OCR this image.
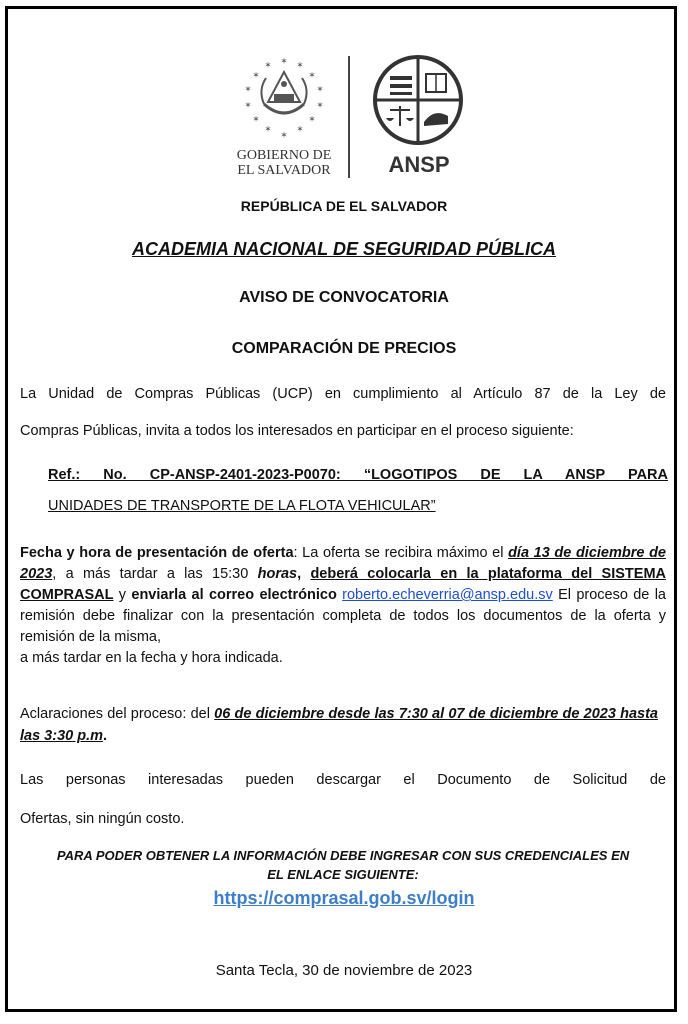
✶
✶	✶
✶	✶
✶	✶
✶	✶
✶	✶
✶	✶
✶
GOBIERNO DE
EL SALVADOR	ANSP
REPÚBLICA DE EL SALVADOR
ACADEMIA NACIONAL DE SEGURIDAD PÚBLICA
AVISO DE CONVOCATORIA
COMPARACIÓN DE PRECIOS
La Unidad de Compras Públicas (UCP) en cumplimiento al Artículo 87 de la Ley de
Compras Públicas, invita a todos los interesados en participar en el proceso siguiente:
Ref.: No. CP-ANSP-2401-2023-P0070: “LOGOTIPOS DE LA ANSP PARA
UNIDADES DE TRANSPORTE DE LA FLOTA VEHICULAR”
Fecha y hora de presentación de oferta: La oferta se recibira máximo el día 13 de diciembre de 2023, a más tardar a las 15:30 horas, deberá colocarla en la plataforma del SISTEMA COMPRASAL y enviarla al correo electrónico roberto.echeverria@ansp.edu.sv El proceso de la remisión debe finalizar con la presentación completa de todos los documentos de la oferta y remisión de la misma,
a más tardar en la fecha y hora indicada.
Aclaraciones del proceso: del 06 de diciembre desde las 7:30 al 07 de diciembre de 2023 hasta las 3:30 p.m.
Las personas interesadas pueden descargar el Documento de Solicitud de
Ofertas, sin ningún costo.
PARA PODER OBTENER LA INFORMACIÓN DEBE INGRESAR CON SUS CREDENCIALES EN
EL ENLACE SIGUIENTE:
https://comprasal.gob.sv/login
Santa Tecla, 30 de noviembre de 2023
